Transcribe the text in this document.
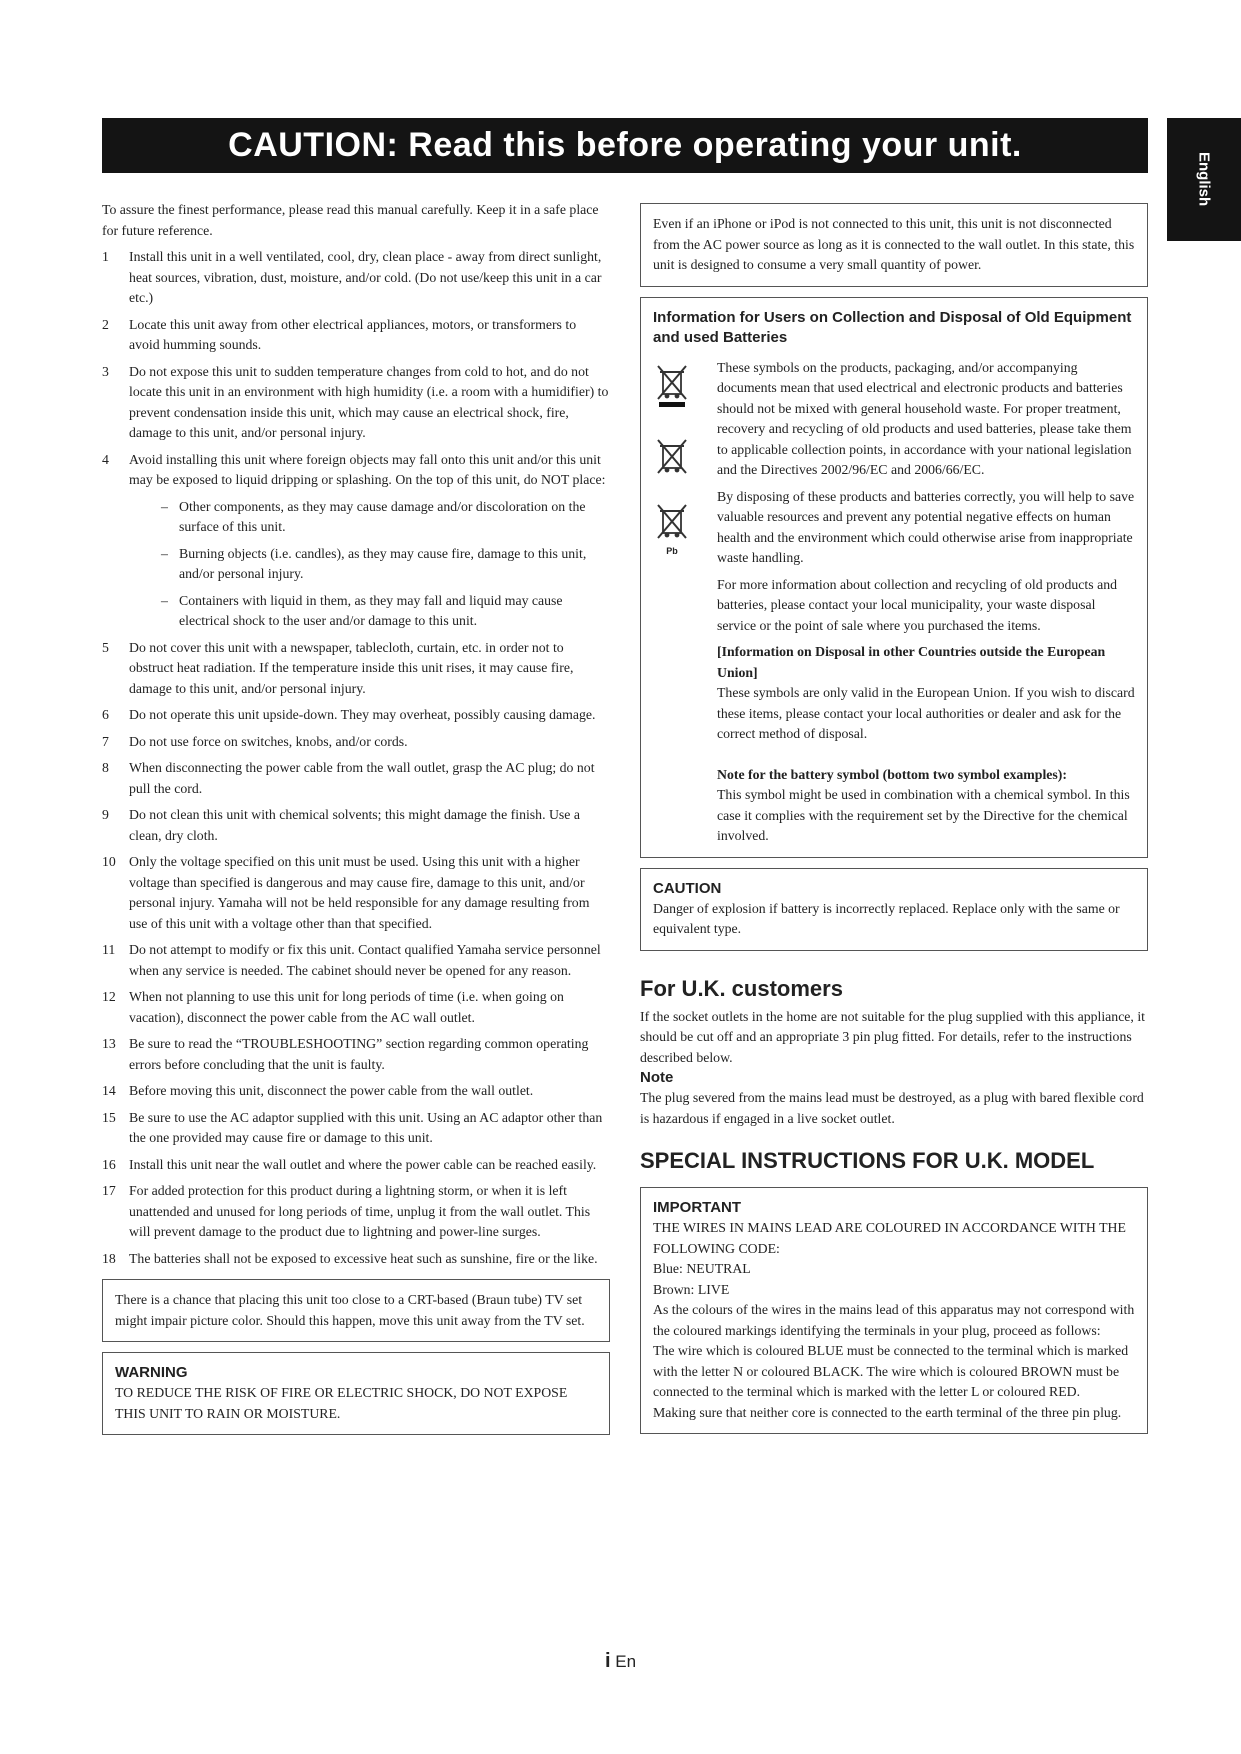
CAUTION: Read this before operating your unit.
English

To assure the finest performance, please read this manual carefully. Keep it in a safe place for future reference.

1 Install this unit in a well ventilated, cool, dry, clean place - away from direct sunlight, heat sources, vibration, dust, moisture, and/or cold. (Do not use/keep this unit in a car etc.)
2 Locate this unit away from other electrical appliances, motors, or transformers to avoid humming sounds.
3 Do not expose this unit to sudden temperature changes from cold to hot, and do not locate this unit in an environment with high humidity (i.e. a room with a humidifier) to prevent condensation inside this unit, which may cause an electrical shock, fire, damage to this unit, and/or personal injury.
4 Avoid installing this unit where foreign objects may fall onto this unit and/or this unit may be exposed to liquid dripping or splashing. On the top of this unit, do NOT place:
– Other components, as they may cause damage and/or discoloration on the surface of this unit.
– Burning objects (i.e. candles), as they may cause fire, damage to this unit, and/or personal injury.
– Containers with liquid in them, as they may fall and liquid may cause electrical shock to the user and/or damage to this unit.
5 Do not cover this unit with a newspaper, tablecloth, curtain, etc. in order not to obstruct heat radiation. If the temperature inside this unit rises, it may cause fire, damage to this unit, and/or personal injury.
6 Do not operate this unit upside-down. They may overheat, possibly causing damage.
7 Do not use force on switches, knobs, and/or cords.
8 When disconnecting the power cable from the wall outlet, grasp the AC plug; do not pull the cord.
9 Do not clean this unit with chemical solvents; this might damage the finish. Use a clean, dry cloth.
10 Only the voltage specified on this unit must be used. Using this unit with a higher voltage than specified is dangerous and may cause fire, damage to this unit, and/or personal injury. Yamaha will not be held responsible for any damage resulting from use of this unit with a voltage other than that specified.
11 Do not attempt to modify or fix this unit. Contact qualified Yamaha service personnel when any service is needed. The cabinet should never be opened for any reason.
12 When not planning to use this unit for long periods of time (i.e. when going on vacation), disconnect the power cable from the AC wall outlet.
13 Be sure to read the “TROUBLESHOOTING” section regarding common operating errors before concluding that the unit is faulty.
14 Before moving this unit, disconnect the power cable from the wall outlet.
15 Be sure to use the AC adaptor supplied with this unit. Using an AC adaptor other than the one provided may cause fire or damage to this unit.
16 Install this unit near the wall outlet and where the power cable can be reached easily.
17 For added protection for this product during a lightning storm, or when it is left unattended and unused for long periods of time, unplug it from the wall outlet. This will prevent damage to the product due to lightning and power-line surges.
18 The batteries shall not be exposed to excessive heat such as sunshine, fire or the like.

There is a chance that placing this unit too close to a CRT-based (Braun tube) TV set might impair picture color. Should this happen, move this unit away from the TV set.

WARNING

TO REDUCE THE RISK OF FIRE OR ELECTRIC SHOCK, DO NOT EXPOSE THIS UNIT TO RAIN OR MOISTURE.

Even if an iPhone or iPod is not connected to this unit, this unit is not disconnected from the AC power source as long as it is connected to the wall outlet. In this state, this unit is designed to consume a very small quantity of power.

Information for Users on Collection and Disposal of Old Equipment and used Batteries
Pb

These symbols on the products, packaging, and/or accompanying documents mean that used electrical and electronic products and batteries should not be mixed with general household waste. For proper treatment, recovery and recycling of old products and used batteries, please take them to applicable collection points, in accordance with your national legislation and the Directives 2002/96/EC and 2006/66/EC.

By disposing of these products and batteries correctly, you will help to save valuable resources and prevent any potential negative effects on human health and the environment which could otherwise arise from inappropriate waste handling.

For more information about collection and recycling of old products and batteries, please contact your local municipality, your waste disposal service or the point of sale where you purchased the items.

[Information on Disposal in other Countries outside the European Union]

These symbols are only valid in the European Union. If you wish to discard these items, please contact your local authorities or dealer and ask for the correct method of disposal.

Note for the battery symbol (bottom two symbol examples):

This symbol might be used in combination with a chemical symbol. In this case it complies with the requirement set by the Directive for the chemical involved.

CAUTION

Danger of explosion if battery is incorrectly replaced. Replace only with the same or equivalent type.

For U.K. customers

If the socket outlets in the home are not suitable for the plug supplied with this appliance, it should be cut off and an appropriate 3 pin plug fitted. For details, refer to the instructions described below.

Note

The plug severed from the mains lead must be destroyed, as a plug with bared flexible cord is hazardous if engaged in a live socket outlet.

SPECIAL INSTRUCTIONS FOR U.K. MODEL
IMPORTANT

THE WIRES IN MAINS LEAD ARE COLOURED IN ACCORDANCE WITH THE FOLLOWING CODE:

Blue: NEUTRAL

Brown: LIVE

As the colours of the wires in the mains lead of this apparatus may not correspond with the coloured markings identifying the terminals in your plug, proceed as follows:

The wire which is coloured BLUE must be connected to the terminal which is marked with the letter N or coloured BLACK. The wire which is coloured BROWN must be connected to the terminal which is marked with the letter L or coloured RED.

Making sure that neither core is connected to the earth terminal of the three pin plug.

i En
